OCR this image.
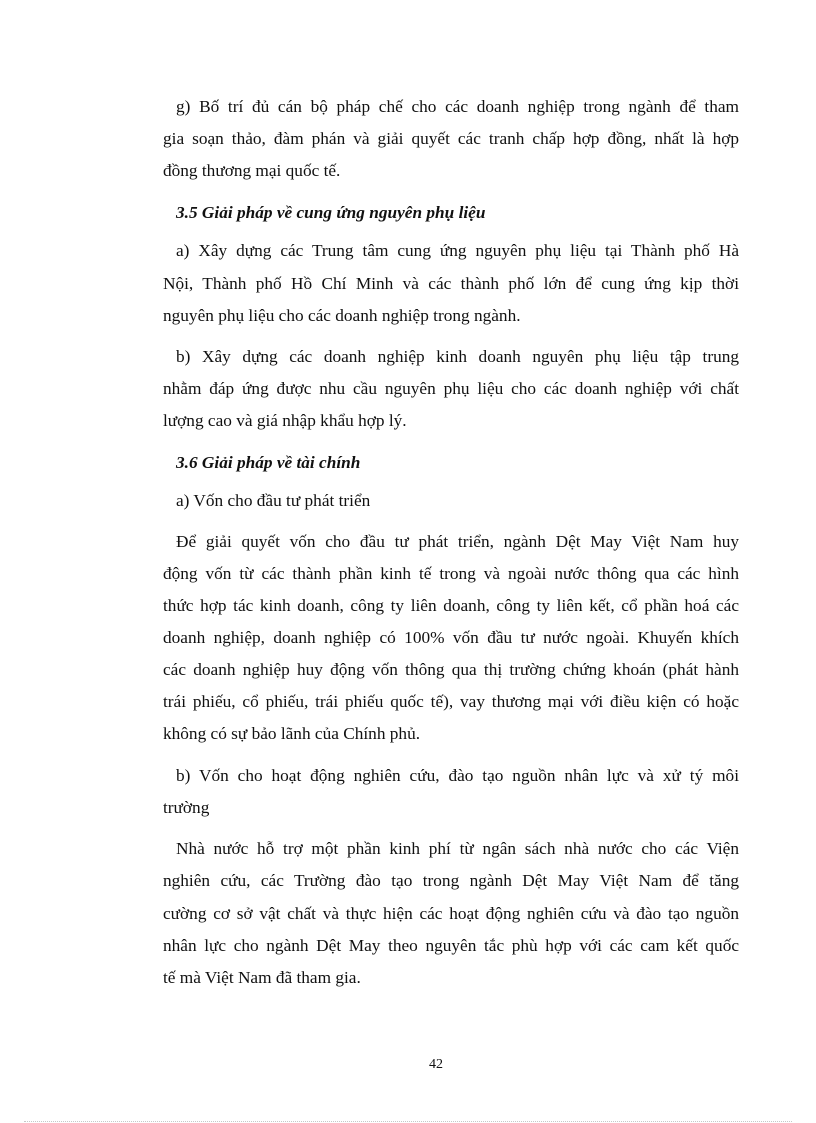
g) Bố trí đủ cán bộ pháp chế cho các doanh nghiệp trong ngành để tham
gia soạn thảo, đàm phán và giải quyết các tranh chấp hợp đồng, nhất là hợp
đồng thương mại quốc tế.
3.5 Giải pháp về cung ứng nguyên phụ liệu
a) Xây dựng các Trung tâm cung ứng nguyên phụ liệu tại Thành phố Hà
Nội, Thành phố Hồ Chí Minh và các thành phố lớn để cung ứng kịp thời
nguyên phụ liệu cho các doanh nghiệp trong ngành.
b) Xây dựng các doanh nghiệp kinh doanh nguyên phụ liệu tập trung
nhằm đáp ứng được nhu cầu nguyên phụ liệu cho các doanh nghiệp với chất
lượng cao và giá nhập khẩu hợp lý.
3.6 Giải pháp về tài chính
a) Vốn cho đầu tư phát triển
Để giải quyết vốn cho đầu tư phát triển, ngành Dệt May Việt Nam huy
động vốn từ các thành phần kinh tế trong và ngoài nước thông qua các hình
thức hợp tác kinh doanh, công ty liên doanh, công ty liên kết, cổ phần hoá các
doanh nghiệp, doanh nghiệp có 100% vốn đầu tư nước ngoài. Khuyến khích
các doanh nghiệp huy động vốn thông qua thị trường chứng khoán (phát hành
trái phiếu, cổ phiếu, trái phiếu quốc tế), vay thương mại với điều kiện có hoặc
không có sự bảo lãnh của Chính phủ.
b) Vốn cho hoạt động nghiên cứu, đào tạo nguồn nhân lực và xử tý môi
trường
Nhà nước hỗ trợ một phần kinh phí từ ngân sách nhà nước cho các Viện
nghiên cứu, các Trường đào tạo trong ngành Dệt May Việt Nam để tăng
cường cơ sở vật chất và thực hiện các hoạt động nghiên cứu và đào tạo nguồn
nhân lực cho ngành Dệt May theo nguyên tắc phù hợp với các cam kết quốc
tế mà Việt Nam đã tham gia.
42
